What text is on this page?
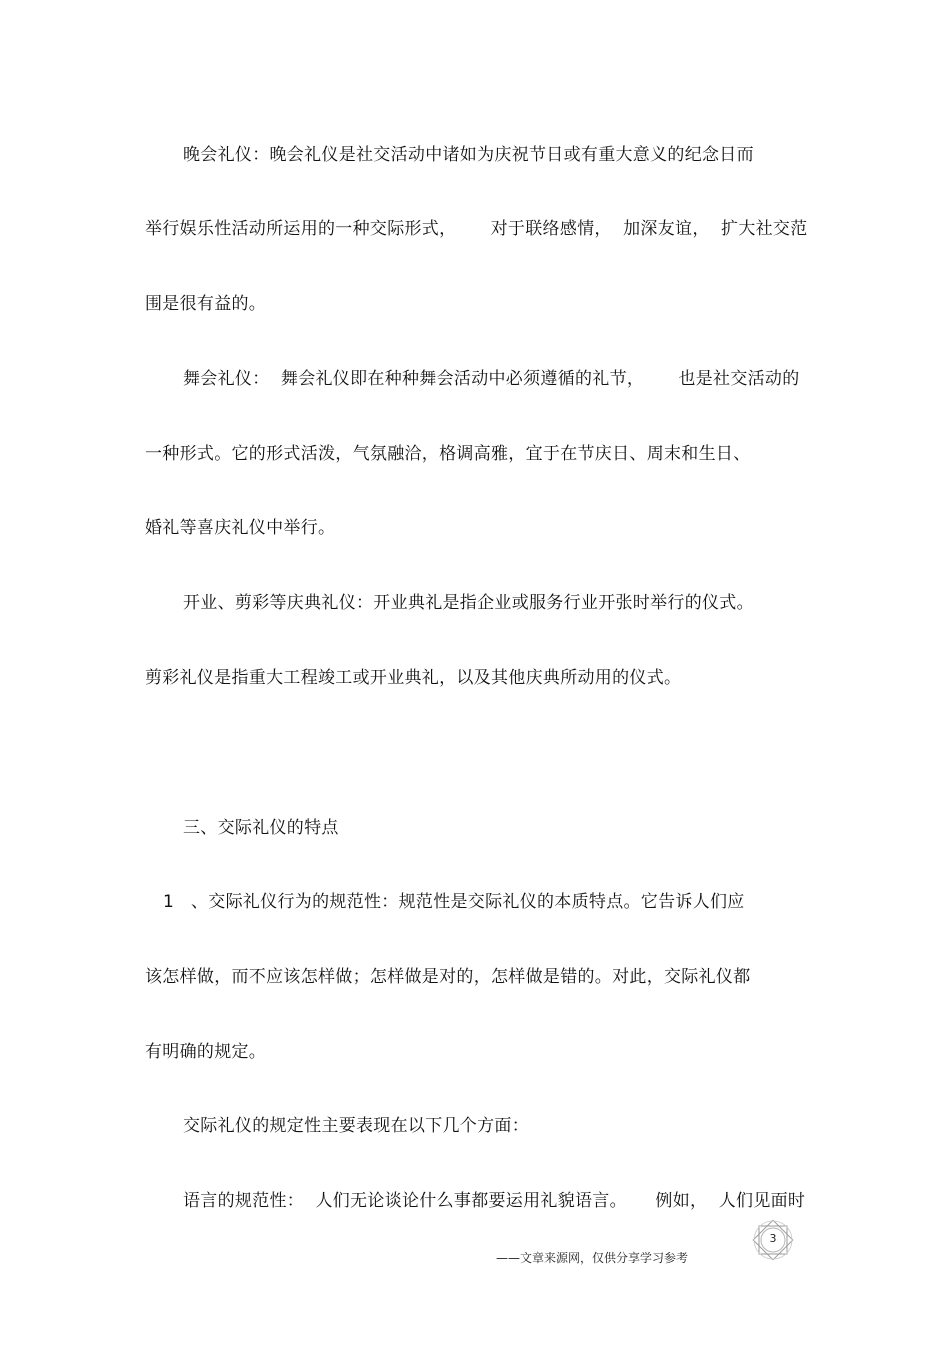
晚会礼仪：晚会礼仪是社交活动中诸如为庆祝节日或有重大意义的纪念日而
举行娱乐性活动所运用的一种交际形式，      对于联络感情，  加深友谊，  扩大社交范
围是很有益的。
舞会礼仪：  舞会礼仪即在种种舞会活动中必须遵循的礼节，      也是社交活动的
一种形式。它的形式活泼，气氛融洽，格调高雅，宜于在节庆日、周末和生日、
婚礼等喜庆礼仪中举行。
开业、剪彩等庆典礼仪：开业典礼是指企业或服务行业开张时举行的仪式。
剪彩礼仪是指重大工程竣工或开业典礼，以及其他庆典所动用的仪式。
三、交际礼仪的特点
1 、交际礼仪行为的规范性：规范性是交际礼仪的本质特点。它告诉人们应
该怎样做，而不应该怎样做；怎样做是对的，怎样做是错的。对此，交际礼仪都
有明确的规定。
交际礼仪的规定性主要表现在以下几个方面：
语言的规范性：  人们无论谈论什么事都要运用礼貌语言。     例如，  人们见面时
3
——文章来源网，仅供分享学习参考
